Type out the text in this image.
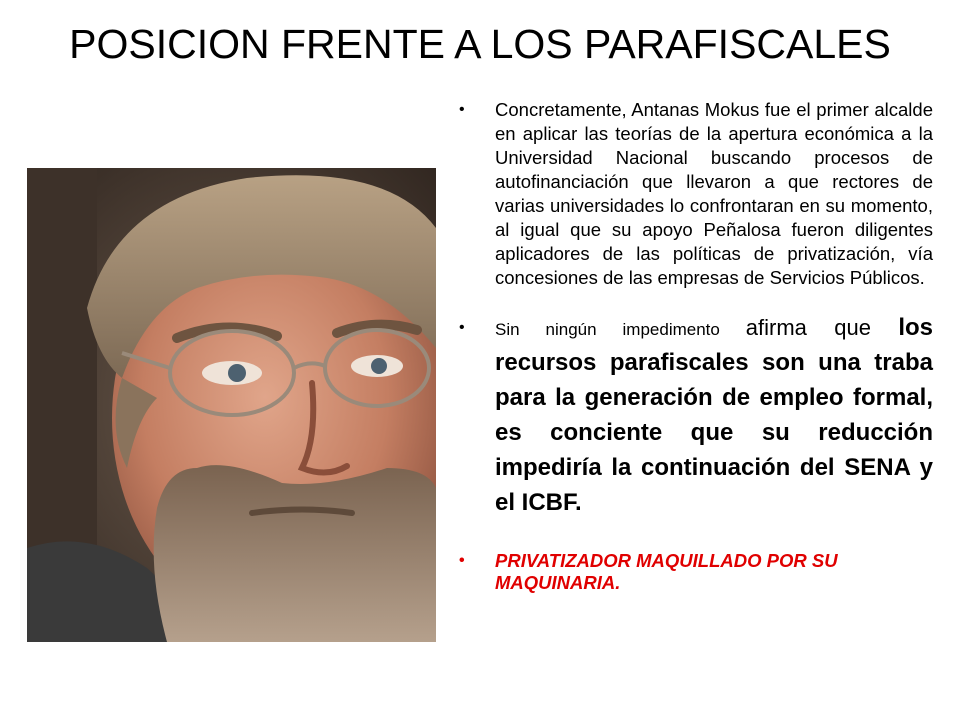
POSICION FRENTE A LOS PARAFISCALES
• Concretamente, Antanas Mokus fue el primer alcalde en aplicar las teorías de la apertura económica a la Universidad Nacional buscando procesos de autofinanciación que llevaron a que rectores de varias universidades lo confrontaran en su momento, al igual que su apoyo Peñalosa fueron diligentes aplicadores de las políticas de privatización, vía concesiones de las empresas de Servicios Públicos.
• Sin ningún impedimento afirma que los recursos parafiscales son una traba para la generación de empleo formal, es conciente que su reducción impediría la continuación del SENA y el ICBF.
• PRIVATIZADOR MAQUILLADO POR SU MAQUINARIA.
